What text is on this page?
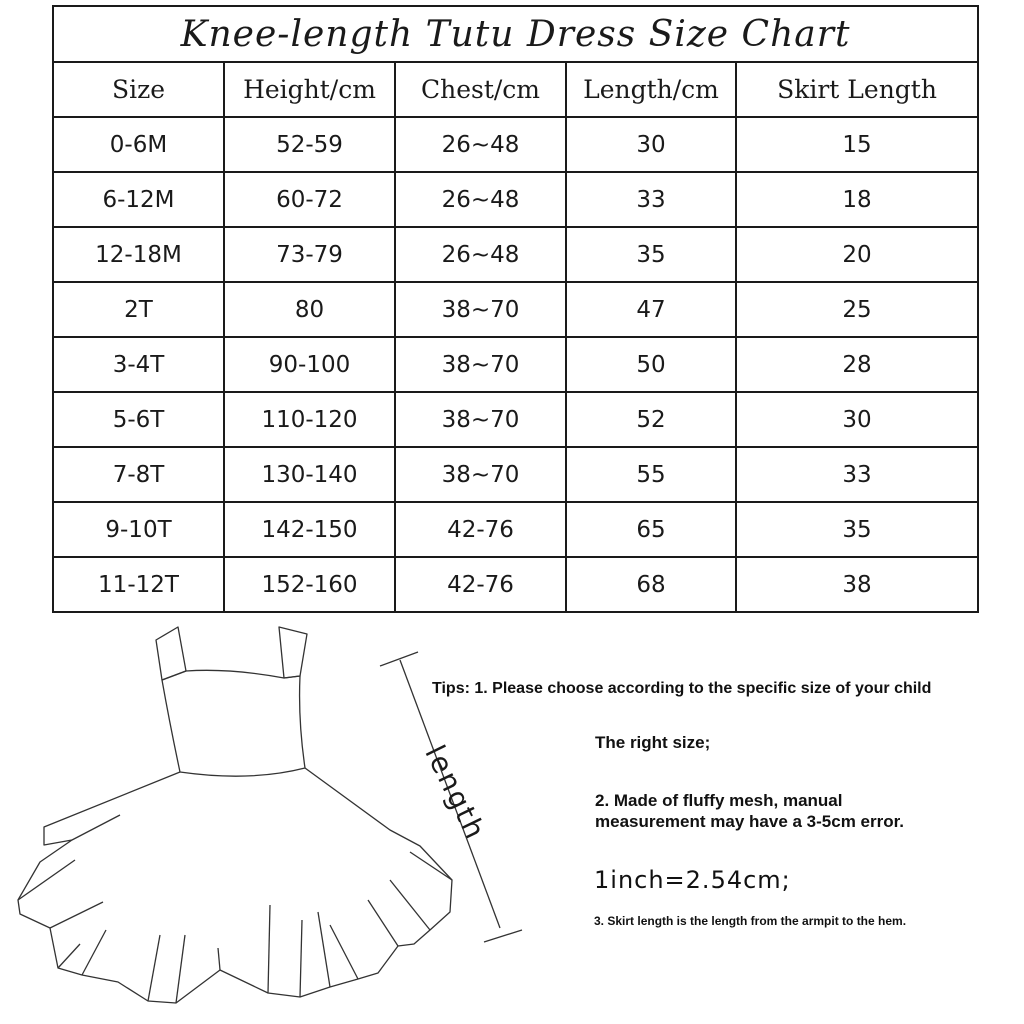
Knee-length Tutu Dress Size Chart				
Size	Height/cm	Chest/cm	Length/cm	Skirt Length
0-6M	52-59	26~48	30	15
6-12M	60-72	26~48	33	18
12-18M	73-79	26~48	35	20
2T	80	38~70	47	25
3-4T	90-100	38~70	50	28
5-6T	110-120	38~70	52	30
7-8T	130-140	38~70	55	33
9-10T	142-150	42-76	65	35
11-12T	152-160	42-76	68	38
length
Tips: 1. Please choose according to the specific size of your child
The right size;
2. Made of fluffy mesh, manual
measurement may have a 3-5cm error.
1inch=2.54cm;
3. Skirt length is the length from the armpit to the hem.
